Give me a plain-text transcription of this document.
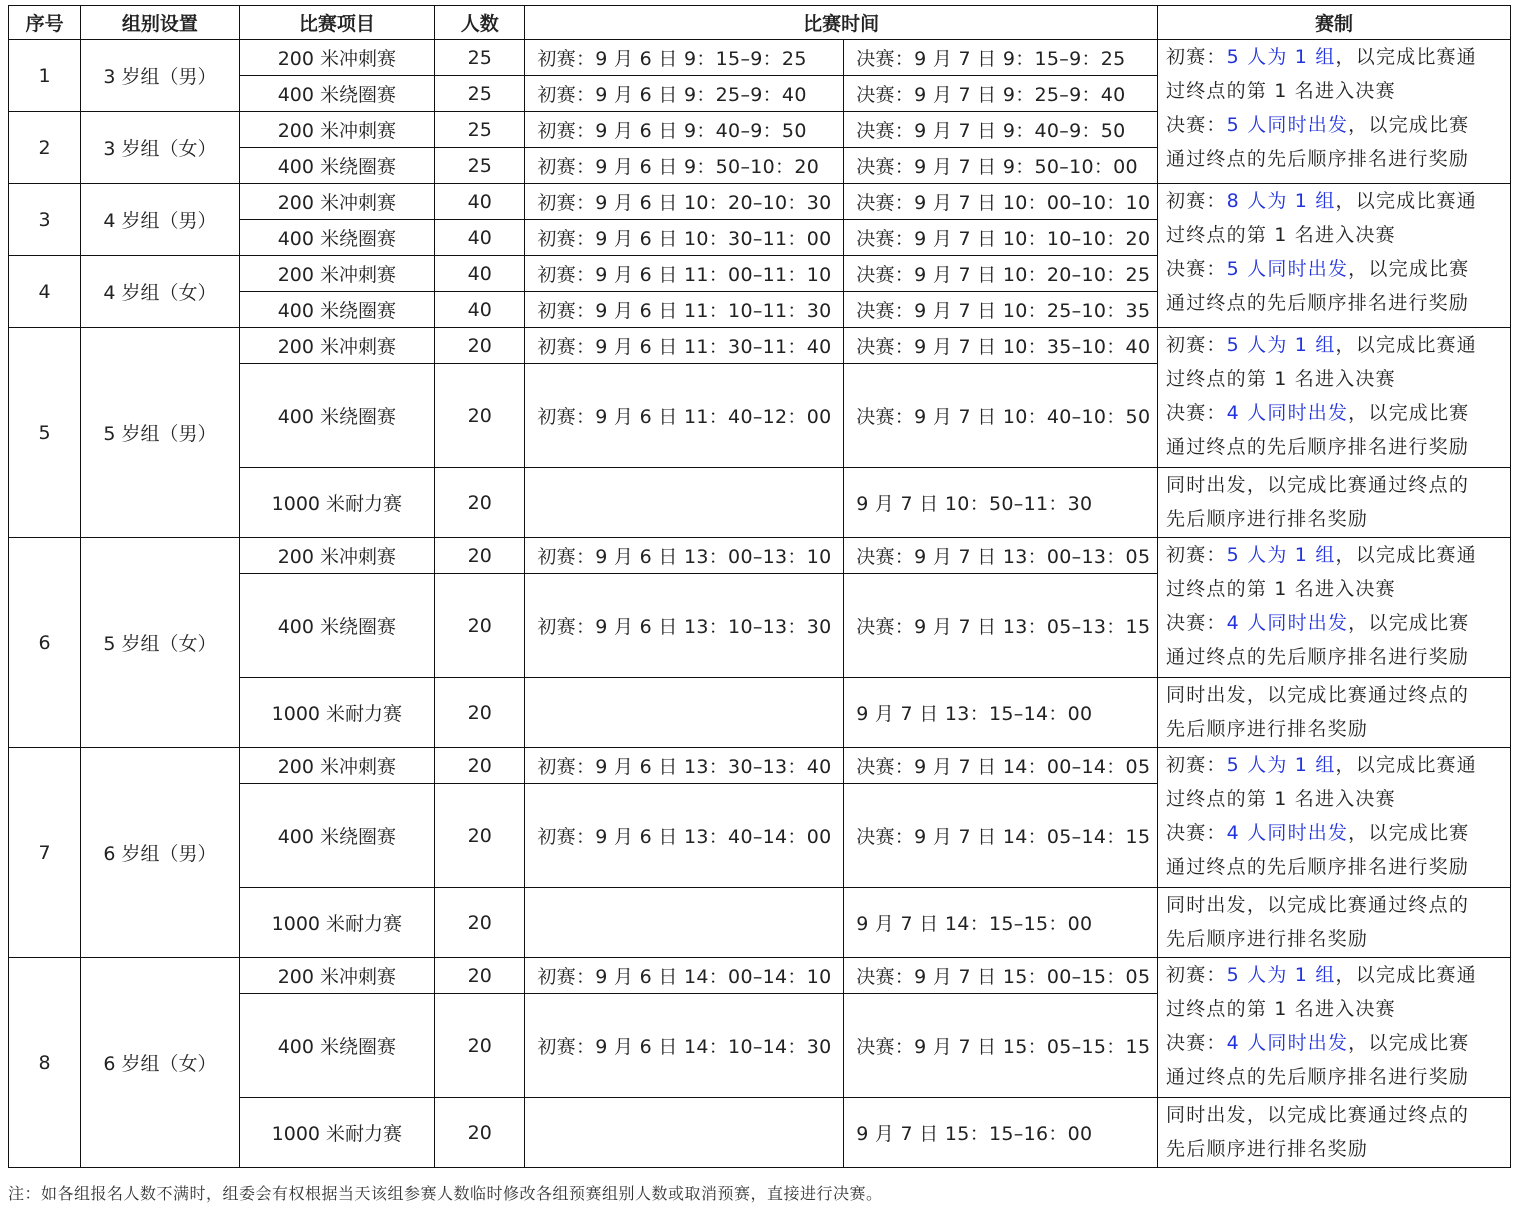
序号	组别设置	比赛项目	人数	比赛时间		赛制
1	3 岁组（男）	200 米冲刺赛	25	初赛：9 月 6 日 9：15–9：25	决赛：9 月 7 日 9：15–9：25	初赛：5 人为 1 组，以完成比赛通
过终点的第 1 名进入决赛
决赛：5 人同时出发，以完成比赛
通过终点的先后顺序排名进行奖励

		400 米绕圈赛	25	初赛：9 月 6 日 9：25–9：40	决赛：9 月 7 日 9：25–9：40	
2	3 岁组（女）	200 米冲刺赛	25	初赛：9 月 6 日 9：40–9：50	决赛：9 月 7 日 9：40–9：50	
		400 米绕圈赛	25	初赛：9 月 6 日 9：50–10：20	决赛：9 月 7 日 9：50–10：00	
3	4 岁组（男）	200 米冲刺赛	40	初赛：9 月 6 日 10：20–10：30	决赛：9 月 7 日 10：00–10：10	初赛：8 人为 1 组，以完成比赛通
过终点的第 1 名进入决赛
决赛：5 人同时出发，以完成比赛
通过终点的先后顺序排名进行奖励

		400 米绕圈赛	40	初赛：9 月 6 日 10：30–11：00	决赛：9 月 7 日 10：10–10：20	
4	4 岁组（女）	200 米冲刺赛	40	初赛：9 月 6 日 11：00–11：10	决赛：9 月 7 日 10：20–10：25	
		400 米绕圈赛	40	初赛：9 月 6 日 11：10–11：30	决赛：9 月 7 日 10：25–10：35	
5	5 岁组（男）	200 米冲刺赛	20	初赛：9 月 6 日 11：30–11：40	决赛：9 月 7 日 10：35–10：40	初赛：5 人为 1 组，以完成比赛通
过终点的第 1 名进入决赛
决赛：4 人同时出发，以完成比赛
通过终点的先后顺序排名进行奖励

		400 米绕圈赛	20	初赛：9 月 6 日 11：40–12：00	决赛：9 月 7 日 10：40–10：50	
		1000 米耐力赛	20		9 月 7 日 10：50–11：30	同时出发，以完成比赛通过终点的
先后顺序进行排名奖励

6	5 岁组（女）	200 米冲刺赛	20	初赛：9 月 6 日 13：00–13：10	决赛：9 月 7 日 13：00–13：05	初赛：5 人为 1 组，以完成比赛通
过终点的第 1 名进入决赛
决赛：4 人同时出发，以完成比赛
通过终点的先后顺序排名进行奖励

		400 米绕圈赛	20	初赛：9 月 6 日 13：10–13：30	决赛：9 月 7 日 13：05–13：15	
		1000 米耐力赛	20		9 月 7 日 13：15–14：00	同时出发，以完成比赛通过终点的
先后顺序进行排名奖励

7	6 岁组（男）	200 米冲刺赛	20	初赛：9 月 6 日 13：30–13：40	决赛：9 月 7 日 14：00–14：05	初赛：5 人为 1 组，以完成比赛通
过终点的第 1 名进入决赛
决赛：4 人同时出发，以完成比赛
通过终点的先后顺序排名进行奖励

		400 米绕圈赛	20	初赛：9 月 6 日 13：40–14：00	决赛：9 月 7 日 14：05–14：15	
		1000 米耐力赛	20		9 月 7 日 14：15–15：00	同时出发，以完成比赛通过终点的
先后顺序进行排名奖励

8	6 岁组（女）	200 米冲刺赛	20	初赛：9 月 6 日 14：00–14：10	决赛：9 月 7 日 15：00–15：05	初赛：5 人为 1 组，以完成比赛通
过终点的第 1 名进入决赛
决赛：4 人同时出发，以完成比赛
通过终点的先后顺序排名进行奖励

		400 米绕圈赛	20	初赛：9 月 6 日 14：10–14：30	决赛：9 月 7 日 15：05–15：15	
		1000 米耐力赛	20		9 月 7 日 15：15–16：00	同时出发，以完成比赛通过终点的
先后顺序进行排名奖励
注：如各组报名人数不满时，组委会有权根据当天该组参赛人数临时修改各组预赛组别人数或取消预赛，直接进行决赛。
